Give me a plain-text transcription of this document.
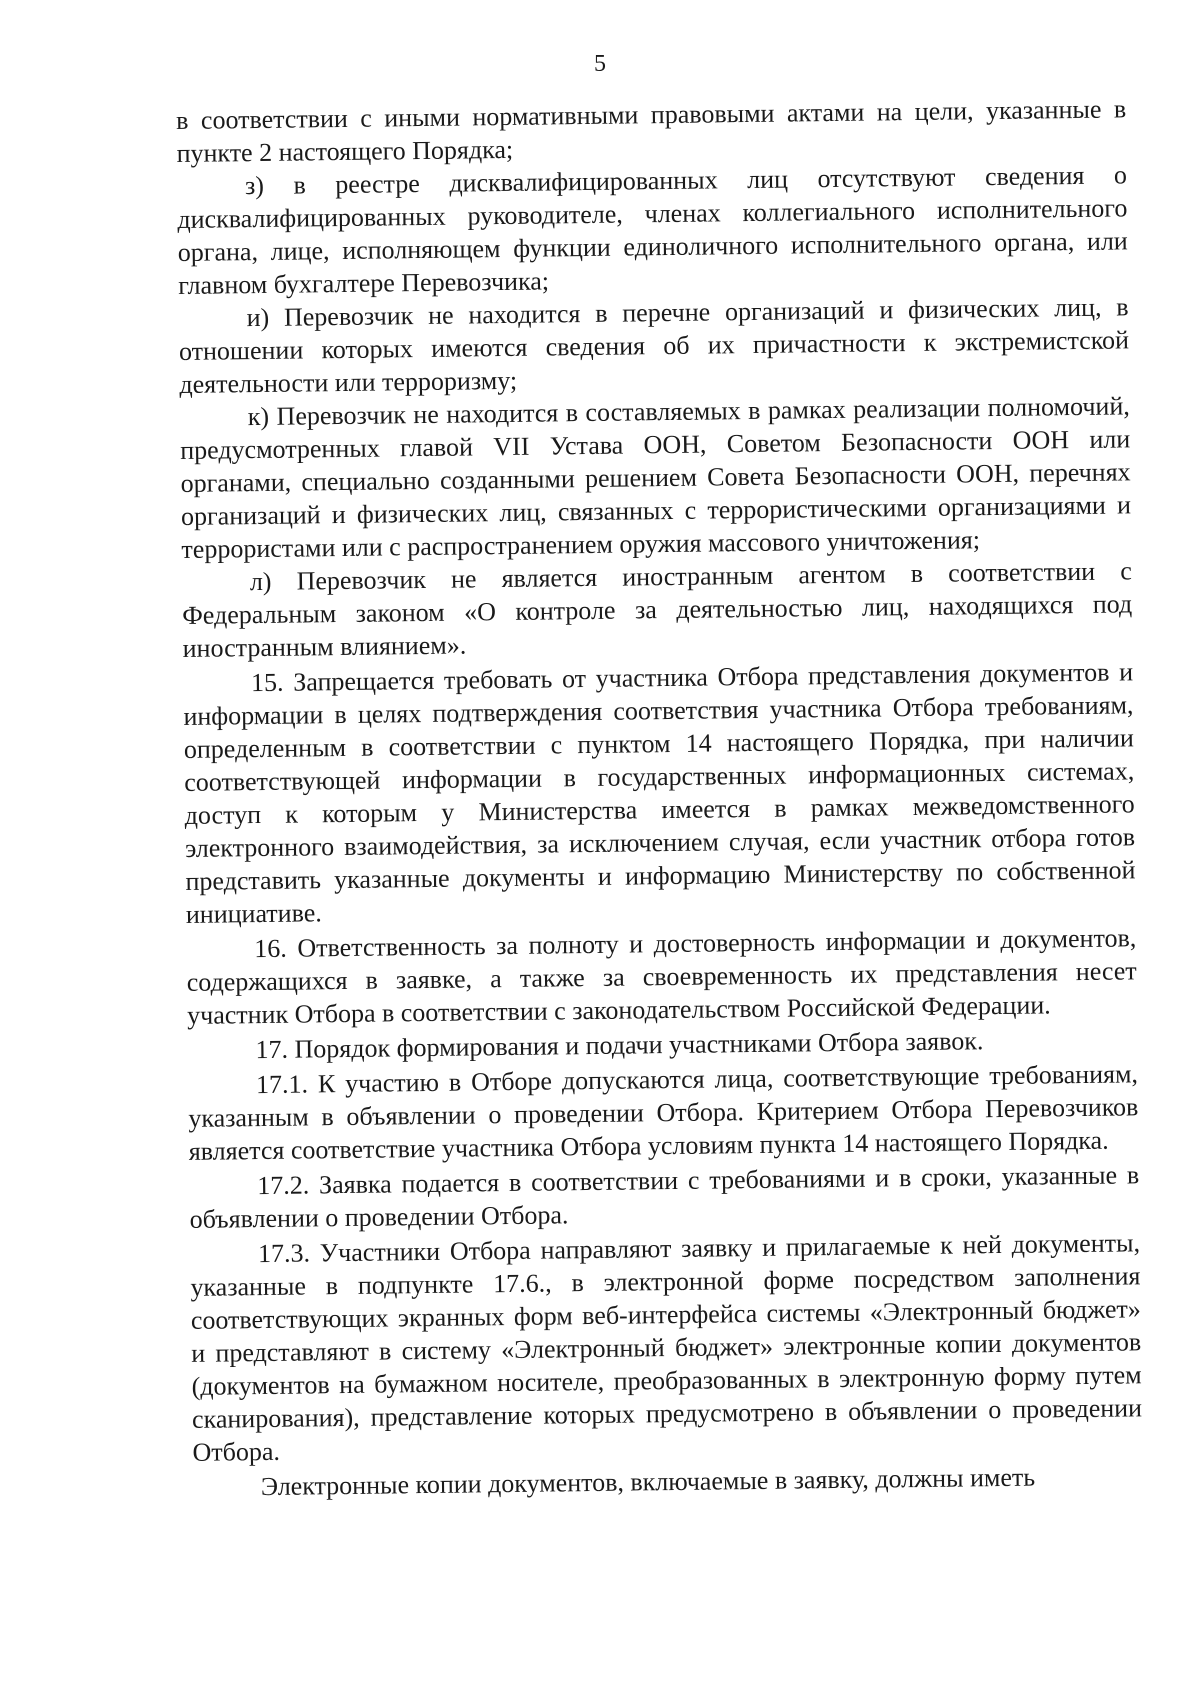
5

в соответствии с иными нормативными правовыми актами на цели, указанные в пункте 2 настоящего Порядка;

з) в реестре дисквалифицированных лиц отсутствуют сведения о дисквалифицированных руководителе, членах коллегиального исполнительного органа, лице, исполняющем функции единоличного исполнительного органа, или главном бухгалтере Перевозчика;

и) Перевозчик не находится в перечне организаций и физических лиц, в отношении которых имеются сведения об их причастности к экстремистской деятельности или терроризму;

к) Перевозчик не находится в составляемых в рамках реализации полномочий, предусмотренных главой VII Устава ООН, Советом Безопасности ООН или органами, специально созданными решением Совета Безопасности ООН, перечнях организаций и физических лиц, связанных с террористическими организациями и террористами или с распространением оружия массового уничтожения;

л) Перевозчик не является иностранным агентом в соответствии с Федеральным законом «О контроле за деятельностью лиц, находящихся под иностранным влиянием».

15. Запрещается требовать от участника Отбора представления документов и информации в целях подтверждения соответствия участника Отбора требованиям, определенным в соответствии с пунктом 14 настоящего Порядка, при наличии соответствующей информации в государственных информационных системах, доступ к которым у Министерства имеется в рамках межведомственного электронного взаимодействия, за исключением случая, если участник отбора готов представить указанные документы и информацию Министерству по собственной инициативе.

16. Ответственность за полноту и достоверность информации и документов, содержащихся в заявке, а также за своевременность их представления несет участник Отбора в соответствии с законодательством Российской Федерации.

17. Порядок формирования и подачи участниками Отбора заявок.

17.1. К участию в Отборе допускаются лица, соответствующие требованиям, указанным в объявлении о проведении Отбора. Критерием Отбора Перевозчиков является соответствие участника Отбора условиям пункта 14 настоящего Порядка.

17.2. Заявка подается в соответствии с требованиями и в сроки, указанные в объявлении о проведении Отбора.

17.3. Участники Отбора направляют заявку и прилагаемые к ней документы, указанные в подпункте 17.6., в электронной форме посредством заполнения соответствующих экранных форм веб-интерфейса системы «Электронный бюджет» и представляют в систему «Электронный бюджет» электронные копии документов (документов на бумажном носителе, преобразованных в электронную форму путем сканирования), представление которых предусмотрено в объявлении о проведении Отбора.

Электронные копии документов, включаемые в заявку, должны иметь
